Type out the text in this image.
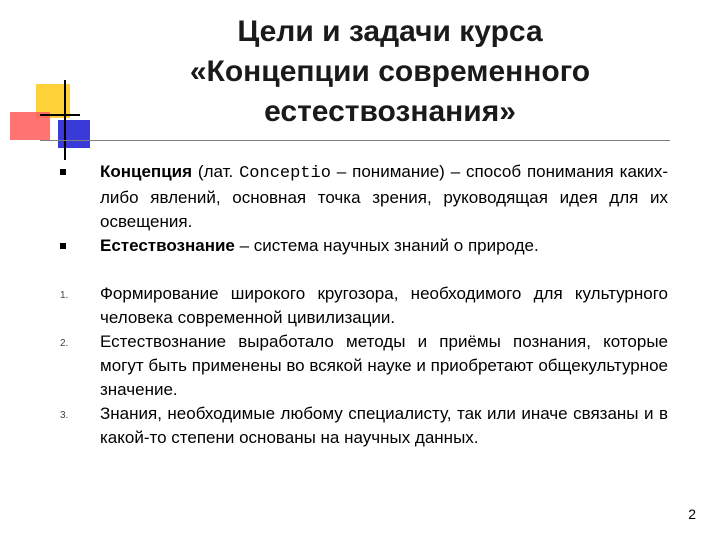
Цели и задачи курса
«Концепции современного
естествознания»
Концепция (лат. Conceptio – понимание) – способ понимания каких-либо явлений, основная точка зрения, руководящая идея для их освещения.
Естествознание – система научных знаний о природе.
1. Формирование широкого кругозора, необходимого для культурного человека современной цивилизации.
2. Естествознание выработало методы и приёмы познания, которые могут быть применены во всякой науке и приобретают общекультурное значение.
3. Знания, необходимые любому специалисту, так или иначе связаны и в какой-то степени основаны на научных данных.
2
